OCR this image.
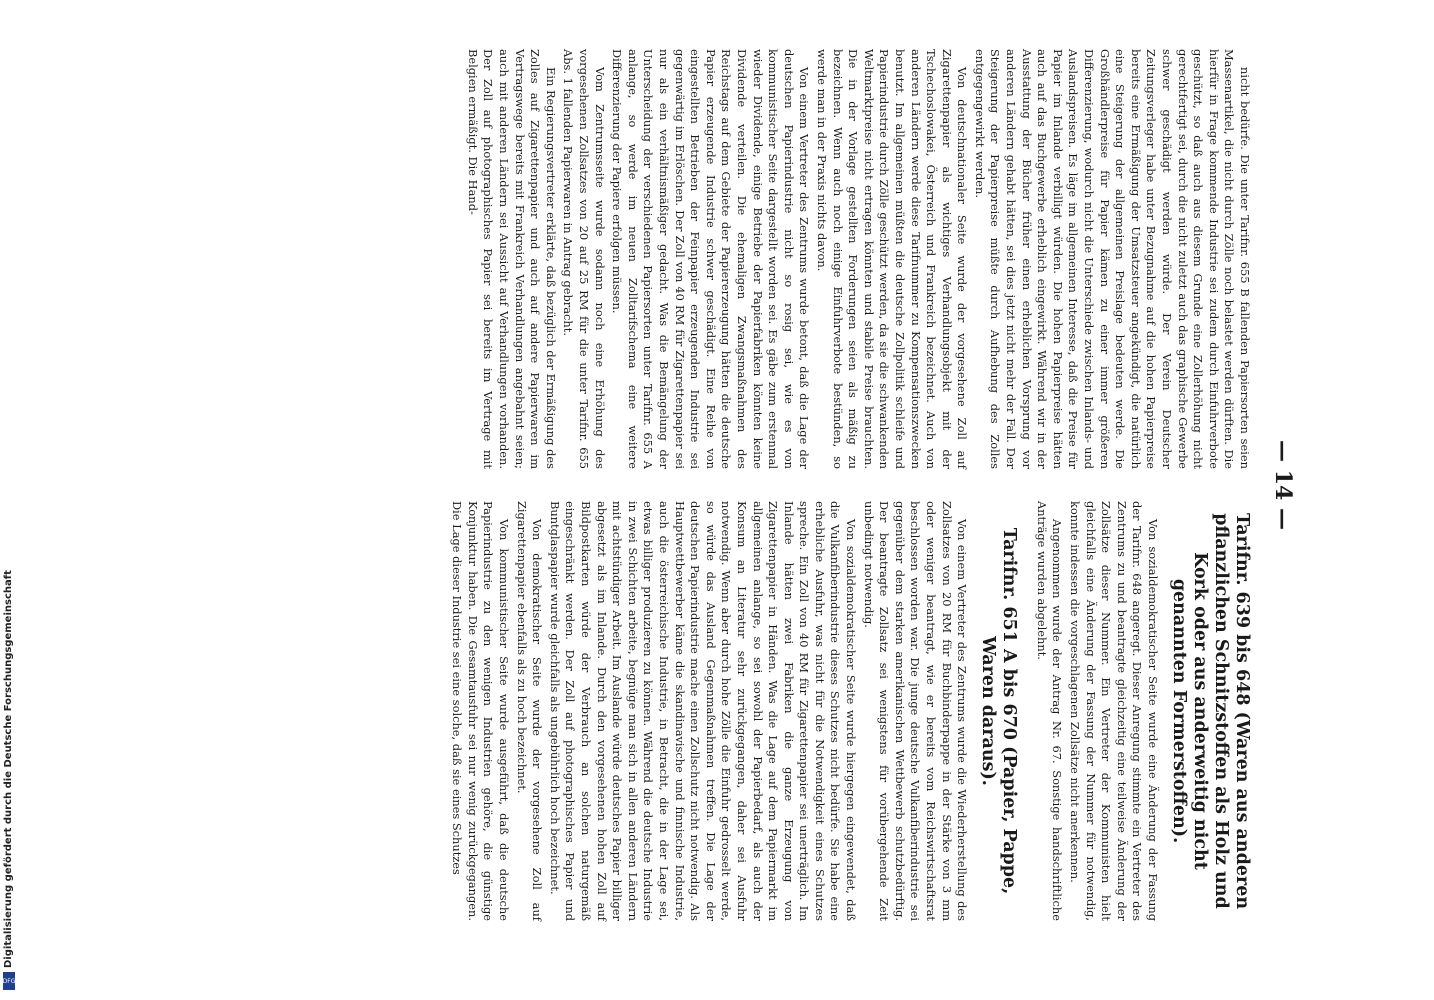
— 14 —

nicht bedürfe. Die unter Tarifnr. 655 B fallenden Papiersorten seien Massenartikel, die nicht durch Zölle noch belastet werden dürften. Die hierfür in Frage kommende Industrie sei zudem durch Einfuhrverbote geschützt, so daß auch aus diesem Grunde eine Zollerhöhung nicht gerechtfertigt sei, durch die nicht zuletzt auch das graphische Gewerbe schwer geschädigt werden würde. Der Verein Deutscher Zeitungsverleger habe unter Bezugnahme auf die hohen Papierpreise bereits eine Ermäßigung der Umsatzsteuer angekündigt, die natürlich eine Steigerung der allgemeinen Preislage bedeuten werde. Die Großhändlerpreise für Papier kämen zu einer immer größeren Differenzierung, wodurch nicht die Unterschiede zwischen Inlands- und Auslandspreisen. Es läge im allgemeinen Interesse, daß die Preise für Papier im Inlande verbilligt würden. Die hohen Papierpreise hätten auch auf das Buchgewerbe erheblich eingewirkt. Während wir in der Ausstattung der Bücher früher einen erheblichen Vorsprung vor anderen Ländern gehabt hätten, sei dies jetzt nicht mehr der Fall. Der Steigerung der Papierpreise müßte durch Aufhebung des Zolles entgegengewirkt werden.

Von deutschnationaler Seite wurde der vorgesehene Zoll auf Zigarettenpapier als wichtiges Verhandlungsobjekt mit der Tschechoslowakei, Österreich und Frankreich bezeichnet. Auch von anderen Ländern werde diese Tarifnummer zu Kompensationszwecken benutzt. Im allgemeinen müßten die deutsche Zollpolitik schleife und Papierindustrie durch Zölle geschützt werden, da sie die schwankenden Weltmarktpreise nicht ertragen könnten und stabile Preise brauchten. Die in der Vorlage gestellten Forderungen seien als mäßig zu bezeichnen. Wenn auch noch einige Einfuhrverbote bestünden, so werde man in der Praxis nichts davon.

Von einem Vertreter des Zentrums wurde betont, daß die Lage der deutschen Papierindustrie nicht so rosig sei, wie es von kommunistischer Seite dargestellt worden sei. Es gäbe zum erstenmal wieder Dividende, einige Betriebe der Papierfabriken könnten keine Dividende verteilen. Die ehemaligen Zwangsmaßnahmen des Reichstags auf dem Gebiete der Papiererzeugung hätten die deutsche Papier erzeugende Industrie schwer geschädigt. Eine Reihe von eingestellten Betrieben der Feinpapier erzeugenden Industrie sei gegenwärtig im Erlöschen. Der Zoll von 40 RM für Zigarettenpapier sei nur als ein verhältnismäßiger gedacht. Was die Bemängelung der Unterscheidung der verschiedenen Papiersorten unter Tarifnr. 655 A anlange, so werde im neuen Zolltarifschema eine weitere Differenzierung der Papiere erfolgen müssen.

Vom Zentrumsseite wurde sodann noch eine Erhöhung des vorgesehenen Zollsatzes von 20 auf 25 RM für die unter Tarifnr. 655 Abs. 1 fallenden Papierwaren in Antrag gebracht.

Ein Regierungsvertreter erklärte, daß bezüglich der Ermäßigung des Zolles auf Zigarettenpapier und auch auf andere Papierwaren im Vertragswege bereits mit Frankreich Verhandlungen angebahnt seien; auch mit anderen Ländern sei Aussicht auf Verhandlungen vorhanden. Der Zoll auf photographisches Papier sei bereits im Vertrage mit Belgien ermäßigt. Die Hand-

Tarifnr. 639 bis 648 (Waren aus anderen pflanzlichen Schnitzstoffen als Holz und Kork oder aus anderweitig nicht genannten Formerstoffen).

Von sozialdemokratischer Seite wurde eine Änderung der Fassung der Tarifnr. 648 angeregt. Dieser Anregung stimmte ein Vertreter des Zentrums zu und beantragte gleichzeitig eine teilweise Änderung der Zollsätze dieser Nummer. Ein Vertreter der Kommunisten hielt gleichfalls eine Änderung der Fassung der Nummer für notwendig, konnte indessen die vorgeschlagenen Zollsätze nicht anerkennen.

Angenommen wurde der Antrag Nr. 67. Sonstige handschriftliche Anträge wurden abgelehnt.

Tarifnr. 651 A bis 670 (Papier, Pappe, Waren daraus).

Von einem Vertreter des Zentrums wurde die Wiederherstellung des Zollsatzes von 20 RM für Buchbinderpappe in der Stärke von 3 mm oder weniger beantragt, wie er bereits vom Reichswirtschaftsrat beschlossen worden war. Die junge deutsche Vulkanfiberindustrie sei gegenüber dem starken amerikanischen Wettbewerb schutzbedürftig. Der beantragte Zollsatz sei wenigstens für vorübergehende Zeit unbedingt notwendig.

Von sozialdemokratischer Seite wurde hiergegen eingewendet, daß die Vulkanfiberindustrie dieses Schutzes nicht bedürfe. Sie habe eine erhebliche Ausfuhr, was nicht für die Notwendigkeit eines Schutzes spreche. Ein Zoll von 40 RM für Zigarettenpapier sei unerträglich. Im Inlande hätten zwei Fabriken die ganze Erzeugung von Zigarettenpapier in Händen. Was die Lage auf dem Papiermarkt im allgemeinen anlange, so sei sowohl der Papierbedarf, als auch der Konsum an Literatur sehr zurückgegangen, daher sei Ausfuhr notwendig. Wenn aber durch hohe Zölle die Einfuhr gedrosselt werde, so würde das Ausland Gegenmaßnahmen treffen. Die Lage der deutschen Papierindustrie mache einen Zollschutz nicht notwendig. Als Hauptwettbewerber käme die skandinavische und finnische Industrie, auch die österreichische Industrie, in Betracht, die in der Lage sei, etwas billiger produzieren zu können. Während die deutsche Industrie in zwei Schichten arbeite, begnüge man sich in allen anderen Ländern mit achtstündiger Arbeit. Im Auslande würde deutsches Papier billiger abgesetzt als im Inlande. Durch den vorgesehenen hohen Zoll auf Bildpostkarten würde der Verbrauch an solchen naturgemäß eingeschränkt werden. Der Zoll auf photographisches Papier und Buntglaspapier wurde gleichfalls als ungebührlich hoch bezeichnet.

Von demokratischer Seite wurde der vorgesehene Zoll auf Zigarettenpapier ebenfalls als zu hoch bezeichnet.

Von kommunistischer Seite wurde ausgeführt, daß die deutsche Papierindustrie zu den wenigen Industrien gehöre, die günstige Konjunktur haben. Die Gesamtausfuhr sei nur wenig zurückgegangen. Die Lage dieser Industrie sei eine solche, daß sie eines Schutzes

Digitalisierung gefördert durch die Deutsche Forschungsgemeinschaft
DFG
